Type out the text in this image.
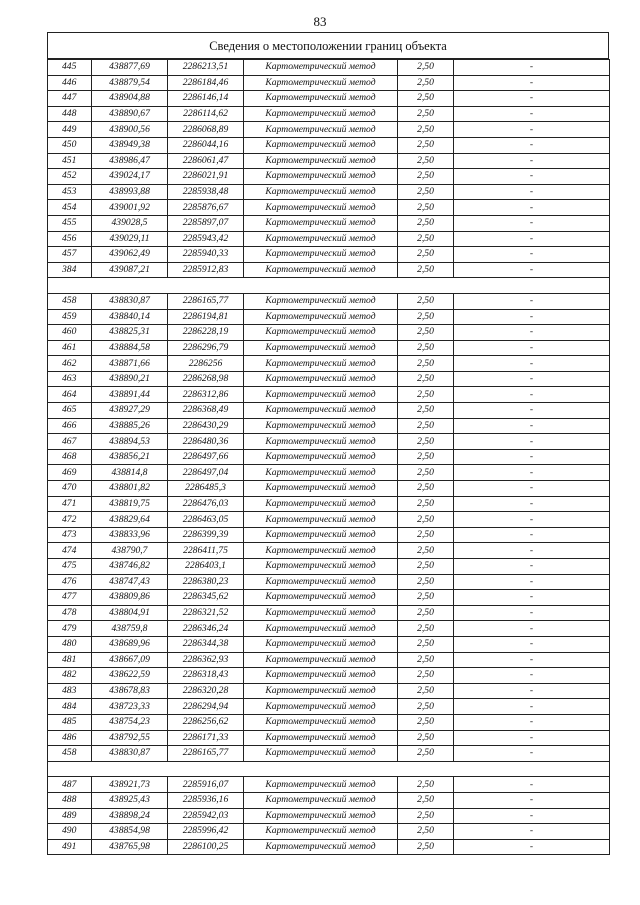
83
Сведения о местоположении границ объекта
445	438877,69	2286213,51	Картометрический метод	2,50	-
446	438879,54	2286184,46	Картометрический метод	2,50	-
447	438904,88	2286146,14	Картометрический метод	2,50	-
448	438890,67	2286114,62	Картометрический метод	2,50	-
449	438900,56	2286068,89	Картометрический метод	2,50	-
450	438949,38	2286044,16	Картометрический метод	2,50	-
451	438986,47	2286061,47	Картометрический метод	2,50	-
452	439024,17	2286021,91	Картометрический метод	2,50	-
453	438993,88	2285938,48	Картометрический метод	2,50	-
454	439001,92	2285876,67	Картометрический метод	2,50	-
455	439028,5	2285897,07	Картометрический метод	2,50	-
456	439029,11	2285943,42	Картометрический метод	2,50	-
457	439062,49	2285940,33	Картометрический метод	2,50	-
384	439087,21	2285912,83	Картометрический метод	2,50	-

458	438830,87	2286165,77	Картометрический метод	2,50	-
459	438840,14	2286194,81	Картометрический метод	2,50	-
460	438825,31	2286228,19	Картометрический метод	2,50	-
461	438884,58	2286296,79	Картометрический метод	2,50	-
462	438871,66	2286256	Картометрический метод	2,50	-
463	438890,21	2286268,98	Картометрический метод	2,50	-
464	438891,44	2286312,86	Картометрический метод	2,50	-
465	438927,29	2286368,49	Картометрический метод	2,50	-
466	438885,26	2286430,29	Картометрический метод	2,50	-
467	438894,53	2286480,36	Картометрический метод	2,50	-
468	438856,21	2286497,66	Картометрический метод	2,50	-
469	438814,8	2286497,04	Картометрический метод	2,50	-
470	438801,82	2286485,3	Картометрический метод	2,50	-
471	438819,75	2286476,03	Картометрический метод	2,50	-
472	438829,64	2286463,05	Картометрический метод	2,50	-
473	438833,96	2286399,39	Картометрический метод	2,50	-
474	438790,7	2286411,75	Картометрический метод	2,50	-
475	438746,82	2286403,1	Картометрический метод	2,50	-
476	438747,43	2286380,23	Картометрический метод	2,50	-
477	438809,86	2286345,62	Картометрический метод	2,50	-
478	438804,91	2286321,52	Картометрический метод	2,50	-
479	438759,8	2286346,24	Картометрический метод	2,50	-
480	438689,96	2286344,38	Картометрический метод	2,50	-
481	438667,09	2286362,93	Картометрический метод	2,50	-
482	438622,59	2286318,43	Картометрический метод	2,50	-
483	438678,83	2286320,28	Картометрический метод	2,50	-
484	438723,33	2286294,94	Картометрический метод	2,50	-
485	438754,23	2286256,62	Картометрический метод	2,50	-
486	438792,55	2286171,33	Картометрический метод	2,50	-
458	438830,87	2286165,77	Картометрический метод	2,50	-

487	438921,73	2285916,07	Картометрический метод	2,50	-
488	438925,43	2285936,16	Картометрический метод	2,50	-
489	438898,24	2285942,03	Картометрический метод	2,50	-
490	438854,98	2285996,42	Картометрический метод	2,50	-
491	438765,98	2286100,25	Картометрический метод	2,50	-
